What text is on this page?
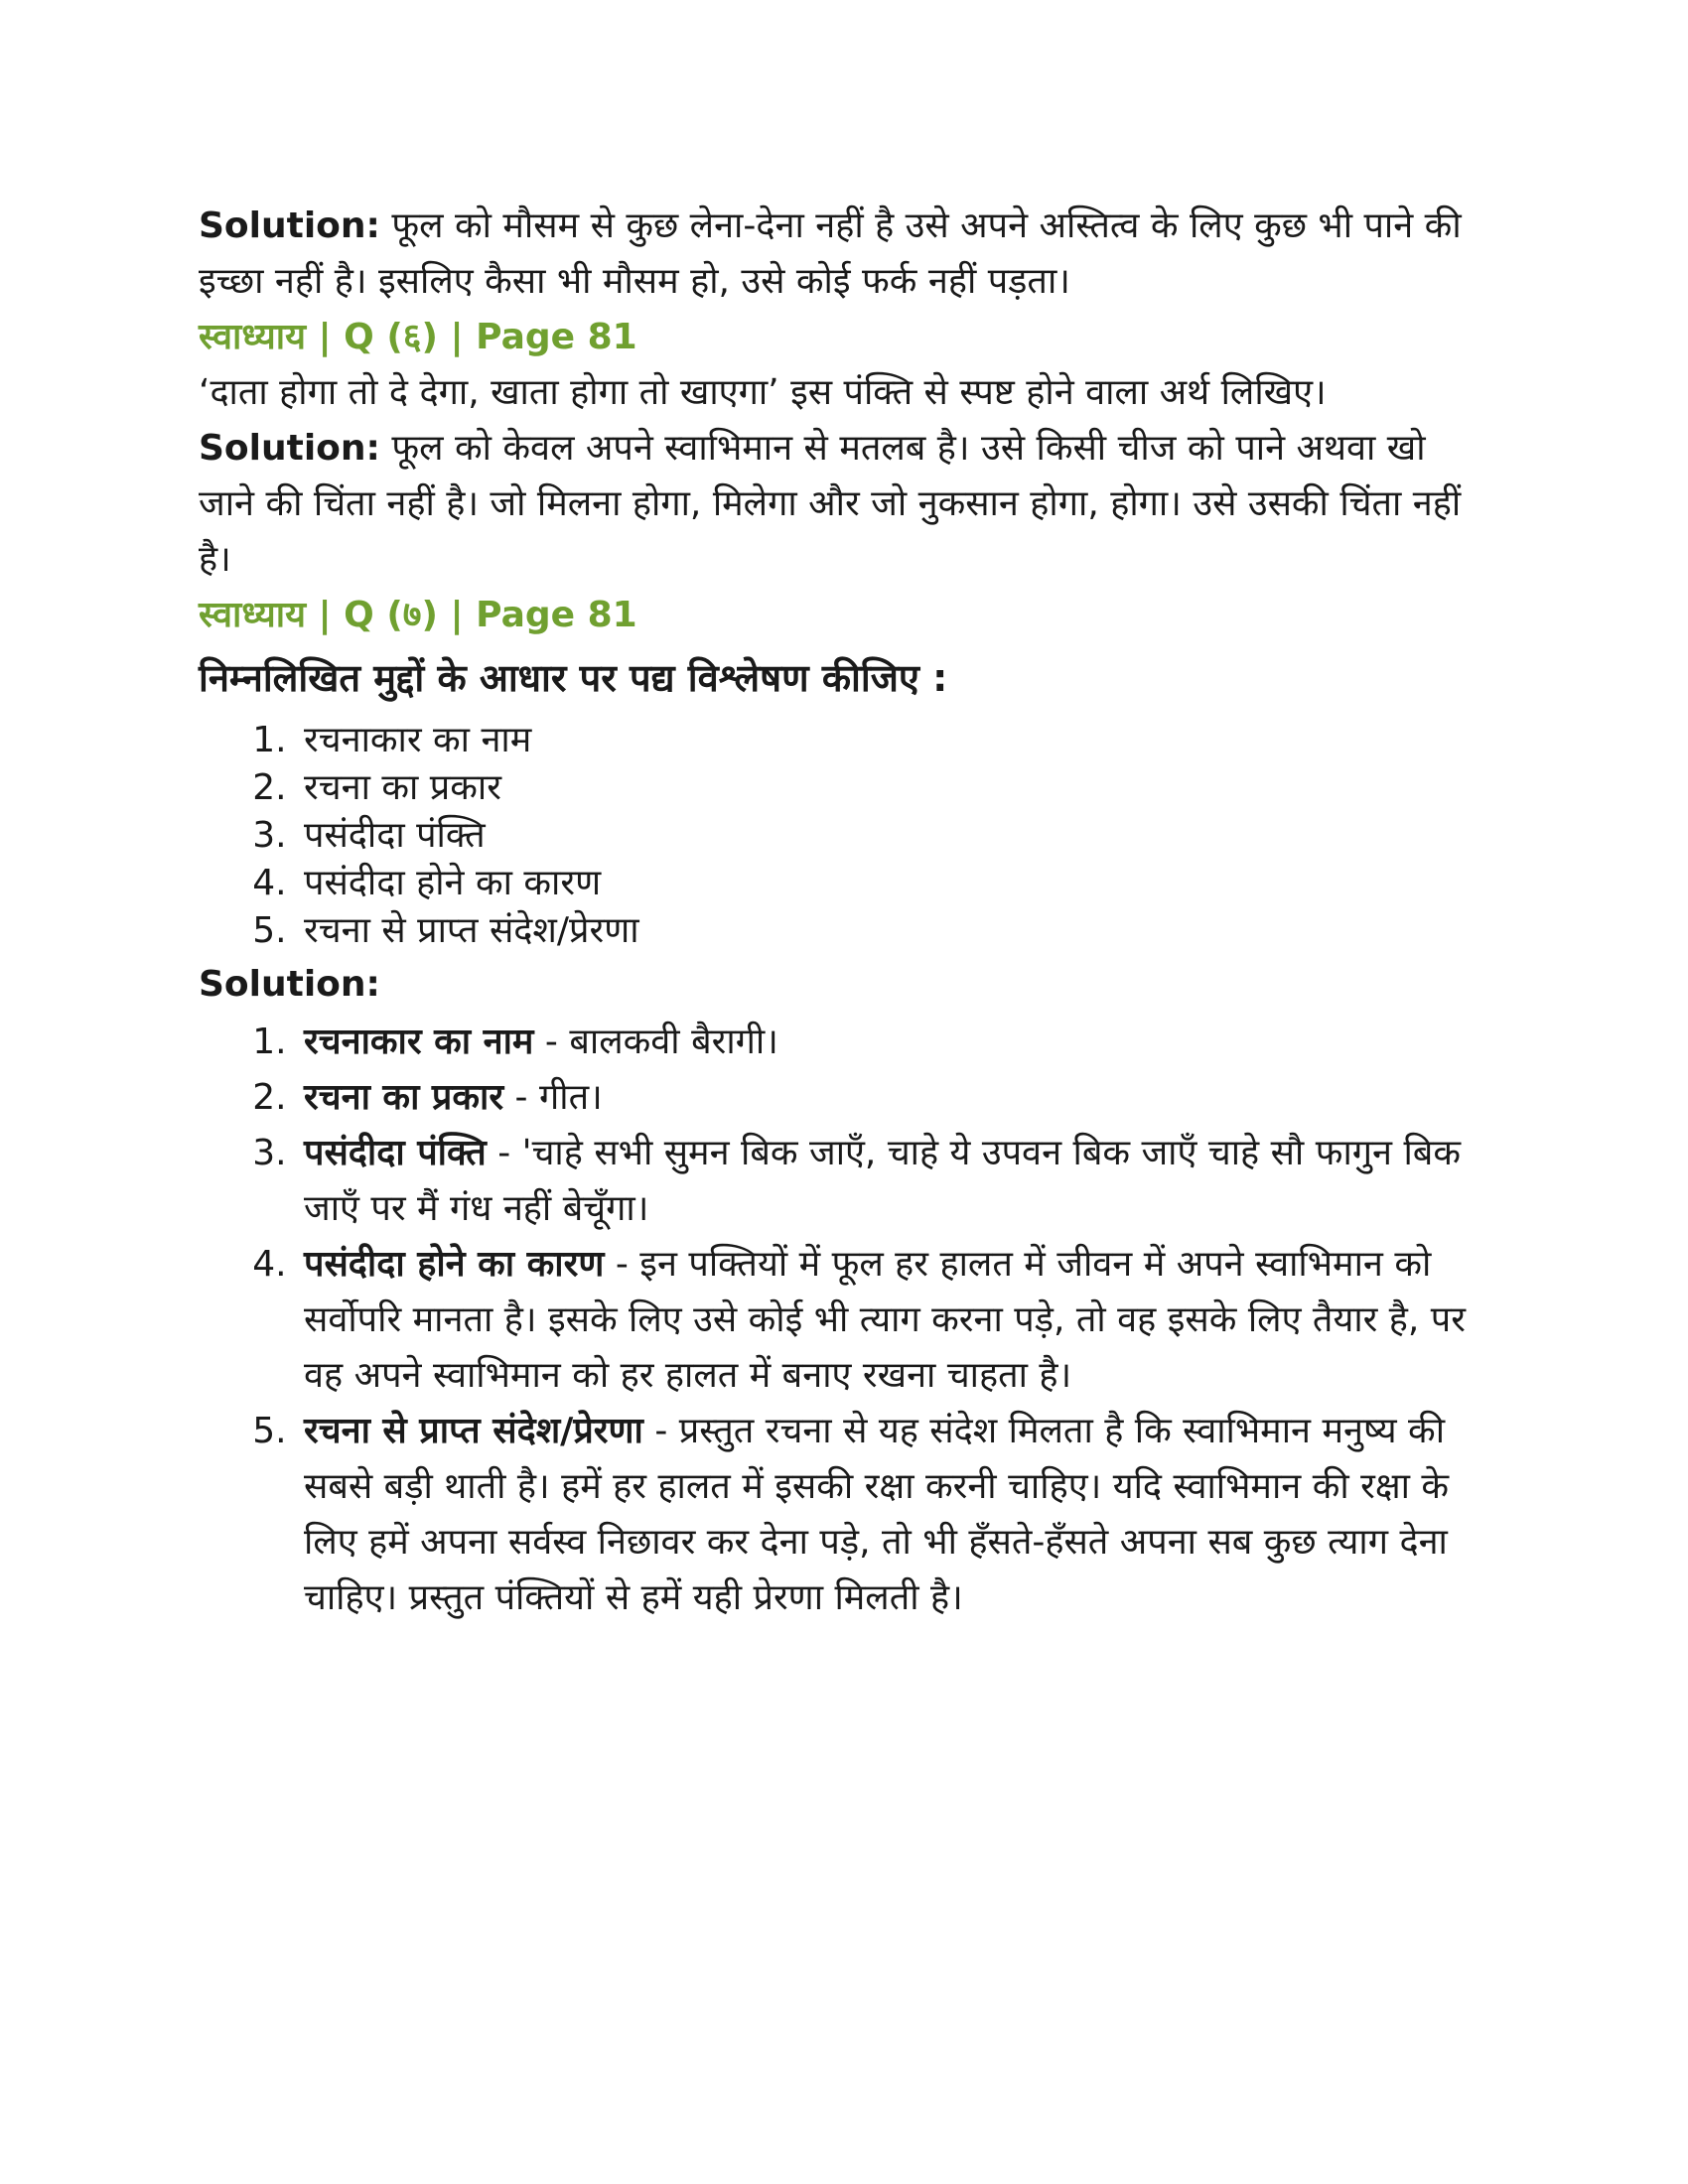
Solution: फूल को मौसम से कुछ लेना-देना नहीं है उसे अपने अस्तित्व के लिए कुछ भी पाने की इच्छा नहीं है। इसलिए कैसा भी मौसम हो, उसे कोई फर्क नहीं पड़ता।

स्वाध्याय | Q (६) | Page 81

‘दाता होगा तो दे देगा, खाता होगा तो खाएगा’ इस पंक्ति से स्पष्ट होने वाला अर्थ लिखिए।

Solution: फूल को केवल अपने स्वाभिमान से मतलब है। उसे किसी चीज को पाने अथवा खो जाने की चिंता नहीं है। जो मिलना होगा, मिलेगा और जो नुकसान होगा, होगा। उसे उसकी चिंता नहीं है।

स्वाध्याय | Q (७) | Page 81

निम्नलिखित मुद्दों के आधार पर पद्य विश्लेषण कीजिए :

1. रचनाकार का नाम
2. रचना का प्रकार
3. पसंदीदा पंक्ति
4. पसंदीदा होने का कारण
5. रचना से प्राप्त संदेश/प्रेरणा

Solution:

1. रचनाकार का नाम - बालकवी बैरागी।
2. रचना का प्रकार - गीत।
3. पसंदीदा पंक्ति - 'चाहे सभी सुमन बिक जाएँ, चाहे ये उपवन बिक जाएँ चाहे सौ फागुन बिक जाएँ पर मैं गंध नहीं बेचूँगा।
4. पसंदीदा होने का कारण - इन पक्तियों में फूल हर हालत में जीवन में अपने स्वाभिमान को सर्वोपरि मानता है। इसके लिए उसे कोई भी त्याग करना पड़े, तो वह इसके लिए तैयार है, पर वह अपने स्वाभिमान को हर हालत में बनाए रखना चाहता है।
5. रचना से प्राप्त संदेश/प्रेरणा - प्रस्तुत रचना से यह संदेश मिलता है कि स्वाभिमान मनुष्य की सबसे बड़ी थाती है। हमें हर हालत में इसकी रक्षा करनी चाहिए। यदि स्वाभिमान की रक्षा के लिए हमें अपना सर्वस्व निछावर कर देना पड़े, तो भी हँसते-हँसते अपना सब कुछ त्याग देना चाहिए। प्रस्तुत पंक्तियों से हमें यही प्रेरणा मिलती है।
